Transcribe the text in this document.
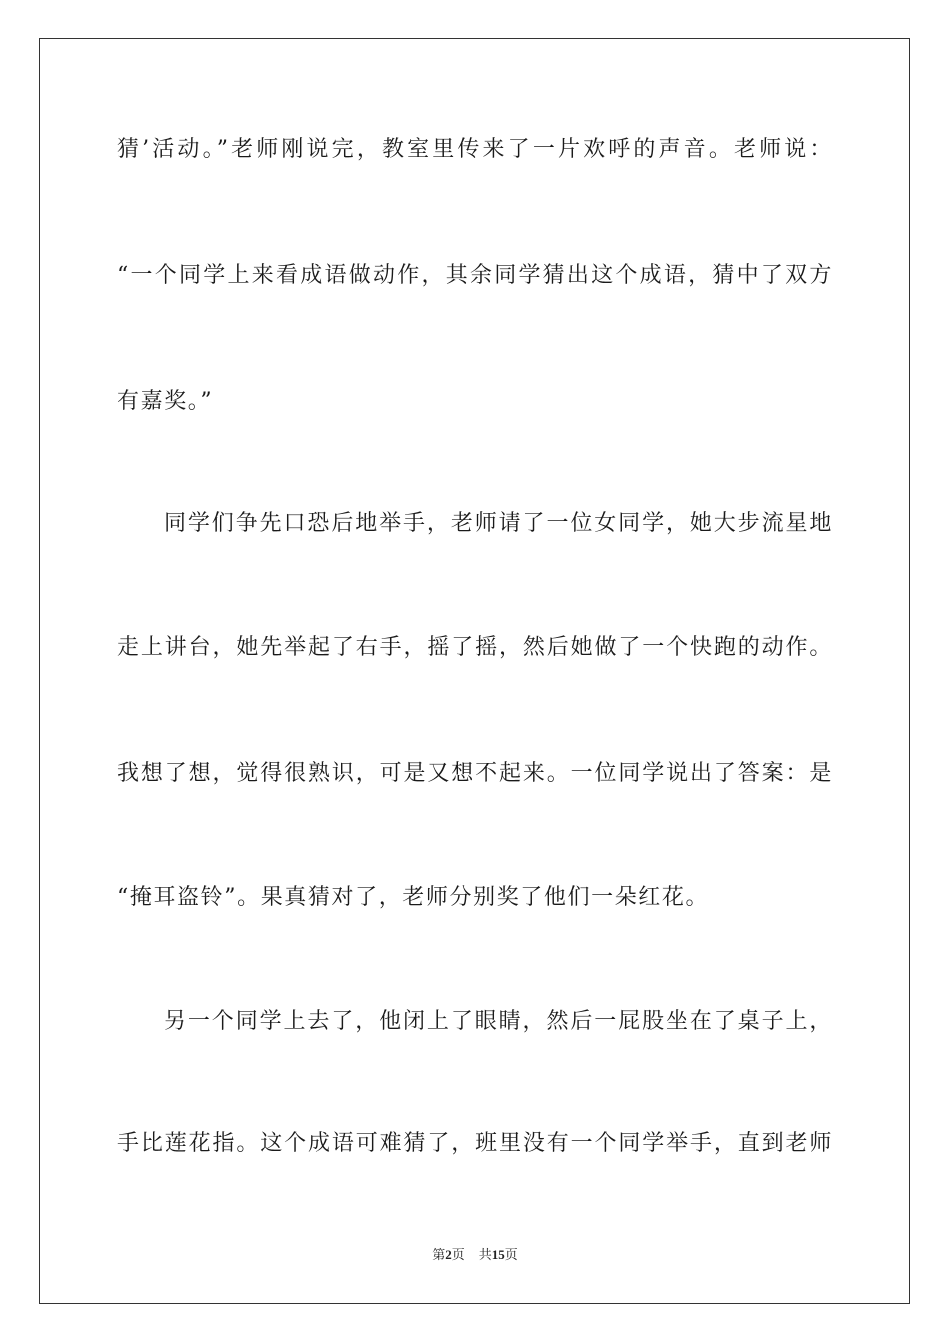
猜’活动。”老师刚说完，教室里传来了一片欢呼的声音。老师说：
“一个同学上来看成语做动作，其余同学猜出这个成语，猜中了双方
有嘉奖。”
同学们争先口恐后地举手，老师请了一位女同学，她大步流星地
走上讲台，她先举起了右手，摇了摇，然后她做了一个快跑的动作。
我想了想，觉得很熟识，可是又想不起来。一位同学说出了答案：是
“掩耳盗铃”。果真猜对了，老师分别奖了他们一朵红花。
另一个同学上去了，他闭上了眼睛，然后一屁股坐在了桌子上，
手比莲花指。这个成语可难猜了，班里没有一个同学举手，直到老师
第2页 共15页
